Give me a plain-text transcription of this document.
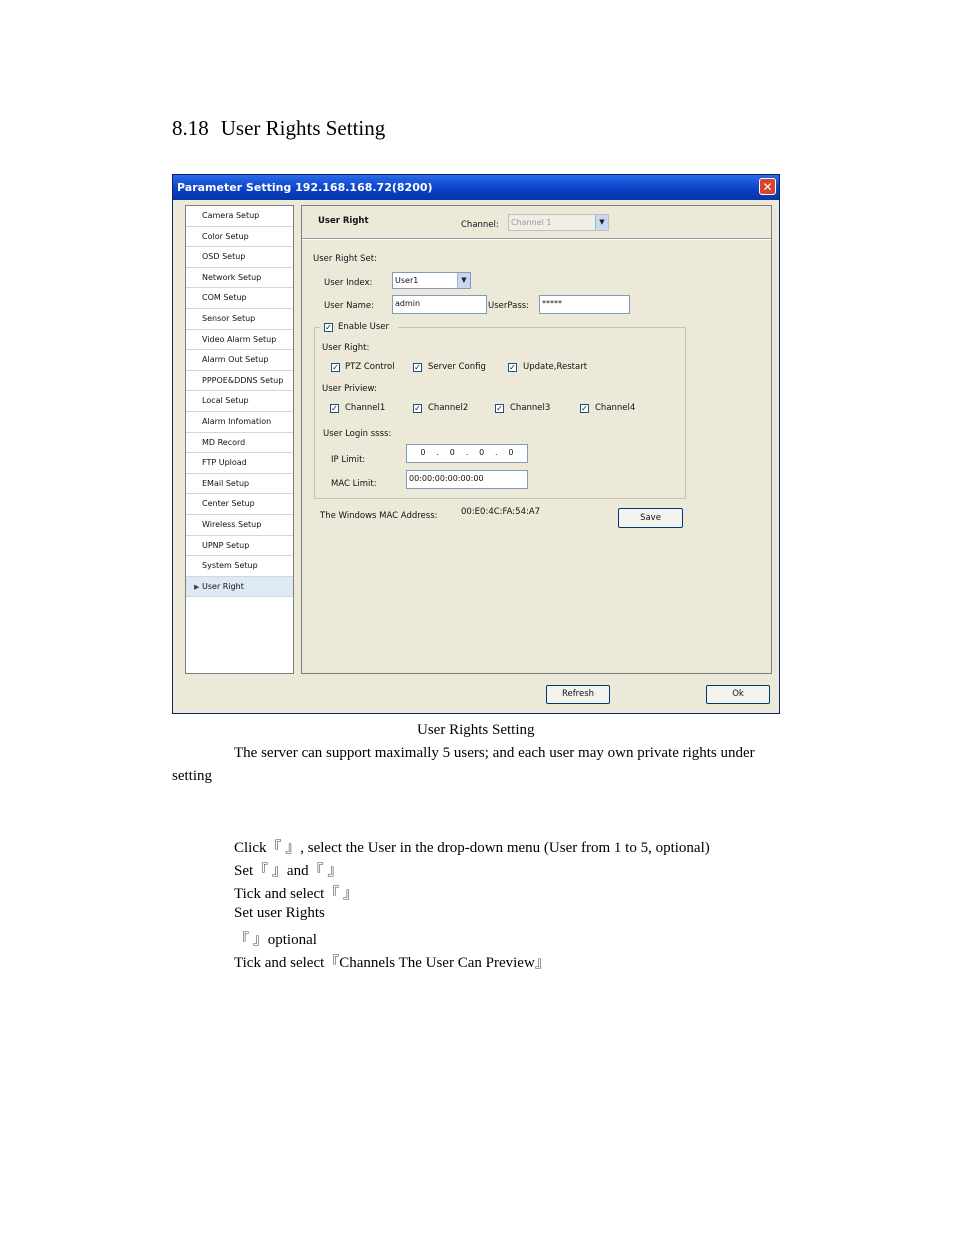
8.18 User Rights Setting
Parameter Setting 192.168.168.72(8200)	✕
Camera Setup
Color Setup
OSD Setup
Network Setup
COM Setup
Sensor Setup
Video Alarm Setup
Alarm Out Setup
PPPOE&DDNS Setup
Local Setup
Alarm Infomation
MD Record
FTP Upload
EMail Setup
Center Setup
Wireless Setup
UPNP Setup
System Setup
▶ User Right
User Right	Channel:	Channel 1	▼
User Right Set:
User Index:	User1	▼
User Name:	admin	UserPass:	*****
✓ Enable User
User Right:
✓ PTZ Control ✓ Server Config	✓ Update,Restart
User Priview:
✓ Channel1	✓ Channel2	✓ Channel3	✓ Channel4
User Login ssss:
IP Limit:
0 . 0 . 0 . 0
MAC Limit:
00:00:00:00:00:00
The Windows MAC Address:	00:E0:4C:FA:54:A7
Save
Refresh	Ok
User Rights Setting
The server can support maximally 5 users; and each user may own private rights under
setting
Click『 』, select the User in the drop-down menu (User from 1 to 5, optional)
Set『 』and『 』
Tick and select『 』
Set user Rights
『 』optional
Tick and select『Channels The User Can Preview』
